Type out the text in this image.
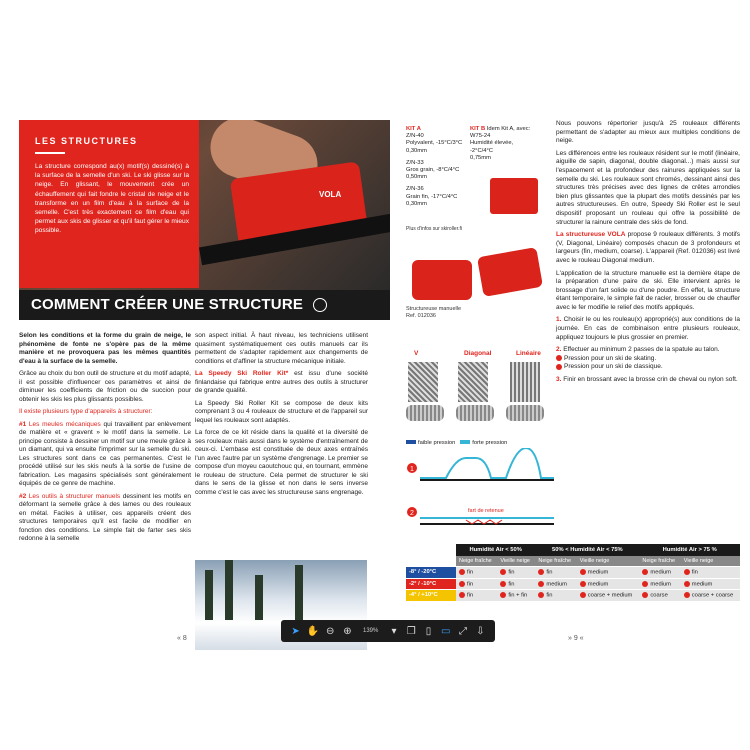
VOLA
LES STRUCTURES
La structure correspond au(x) motif(s) dessiné(s) à la surface de la semelle d'un ski. Le ski glisse sur la neige. En glissant, le mouvement crée un échauffement qui fait fondre le cristal de neige et le transforme en un film d'eau à la surface de la semelle. C'est très exactement ce film d'eau qui permet aux skis de glisser et qu'il faut gérer le mieux possible.
COMMENT CRÉER UNE STRUCTURE

Selon les conditions et la forme du grain de neige, le phénomène de fonte ne s'opère pas de la même manière et ne provoquera pas les mêmes quantités d'eau à la surface de la semelle.

Grâce au choix du bon outil de structure et du motif adapté, il est possible d'influencer ces paramètres et ainsi de diminuer les coefficients de friction ou de succion pour obtenir les skis les plus glissants possibles.

Il existe plusieurs type d'appareils à structurer:

#1 Les meules mécaniques qui travaillent par enlèvement de matière et « gravent » le motif dans la semelle. Le principe consiste à dessiner un motif sur une meule grâce à un diamant, qui va ensuite l'imprimer sur la semelle du ski. Les structures sont dans ce cas permanentes. C'est le procédé utilisé sur les skis neufs à la sortie de l'usine de fabrication. Les magasins spécialisés sont généralement équipés de ce genre de machine.

#2 Les outils à structurer manuels dessinent les motifs en déformant la semelle grâce à des lames ou des rouleaux en métal. Faciles à utiliser, ces appareils créent des structures temporaires qu'il est facile de modifier en fonction des conditions. Le simple fait de farter ses skis redonne à la semelle

son aspect initial. À haut niveau, les techniciens utilisent quasiment systématiquement ces outils manuels car ils permettent de s'adapter rapidement aux changements de conditions et d'affiner la structure mécanique initiale.

La Speedy Ski Roller Kit* est issu d'une société finlandaise qui fabrique entre autres des outils à structurer de grande qualité.

La Speedy Ski Roller Kit se compose de deux kits comprenant 3 ou 4 rouleaux de structure et de l'appareil sur lequel les rouleaux sont adaptés.

La force de ce kit réside dans la qualité et la diversité de ses rouleaux mais aussi dans le système d'entraînement de ceux-ci. L'embase est constituée de deux axes entraînés l'un avec l'autre par un système d'engrenage. Le premier se compose d'un moyeu caoutchouc qui, en tournant, emmène le rouleau de structure. Cela permet de structurer le ski dans le sens de la glisse et non dans le sens inverse comme c'est le cas avec les structureuse sans engrenage.

« 8
KIT A
Z/N-40
Polyvalent, -15°C/3°C
0,30mm
Z/N-33
Gros grain, -8°C/4°C
0,50mm
Z/N-36
Grain fin, -17°C/4°C
0,30mm
KIT B Idem Kit A, avec:
W75-24
Humidité élevée,
-2°C/4°C
0,75mm
Plus d'infos sur skiroller.fi
Structureuse manuelle
Ref. 012036
V	Diagonal	Linéaire
faible pression	forte pression
1
2	fart de retenue

Nous pouvons répertorier jusqu'à 25 rouleaux différents permettant de s'adapter au mieux aux multiples conditions de neige.

Les différences entre les rouleaux résident sur le motif (linéaire, aiguille de sapin, diagonal, double diagonal...) mais aussi sur l'espacement et la profondeur des rainures appliquées sur la semelle du ski. Les rouleaux sont chromés, dessinant ainsi des structures très précises avec des lignes de crêtes arrondies bien plus glissantes que la plupart des motifs dessinés par les autres structureuses. En outre, Speedy Ski Roller est le seul dispositif proposant un rouleau qui offre la possibilité de structurer la rainure centrale des skis de fond.

La structureuse VOLA propose 9 rouleaux différents. 3 motifs (V, Diagonal, Linéaire) composés chacun de 3 profondeurs et largeurs (fin, medium, coarse). L'appareil (Ref. 012036) est livré avec le rouleau Diagonal medium.

L'application de la structure manuelle est la dernière étape de la préparation d'une paire de ski. Elle intervient après le brossage d'un fart solide ou d'une poudre. En effet, la structure étant temporaire, le simple fait de racler, brosser ou de chauffer avec le fer modifie le relief des motifs appliqués.

1. Choisir le ou les rouleau(x) approprié(s) aux conditions de la journée. En cas de combinaison entre plusieurs rouleaux, appliquez toujours le plus grossier en premier.

2. Effectuer au minimum 2 passes de la spatule au talon.
Pression pour un ski de skating.
Pression pour un ski de classique.

3. Finir en brossant avec la brosse crin de cheval ou nylon soft.

	Humidité Air < 50%		50% < Humidité Air < 75%		Humidité Air > 75 %	
	Neige fraîche	Vieille neige	Neige fraîche	Vieille neige	Neige fraîche	Vieille neige
-8° / -20°C	fin	fin	fin	medium	medium	fin
-2° / -10°C	fin	fin	medium	medium	medium	medium
-4° / +10°C	fin	fin + fin	fin	coarse + medium	coarse	coarse + coarse
» 9 «
➤ ✋ ⊖ ⊕	139%	▾	❐	▯ ▭ ⤢ ⇩
